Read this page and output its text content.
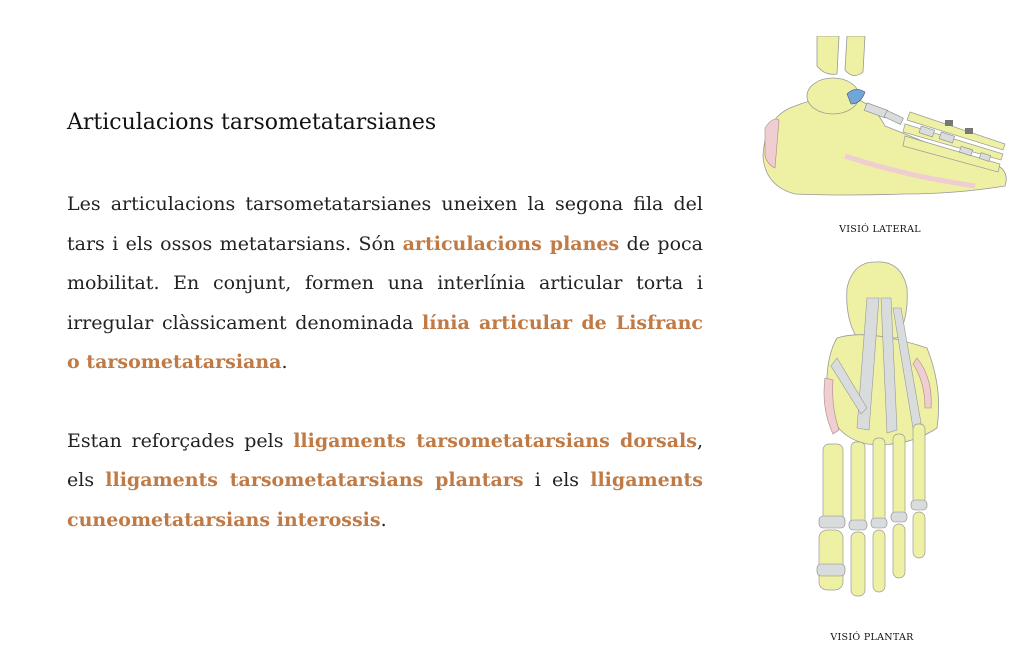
Articulacions tarsometatarsianes

Les articulacions tarsometatarsianes uneixen la segona fila del tars i els ossos metatarsians. Són articulacions planes de poca mobilitat. En conjunt, formen una interlínia articular torta i irregular clàssicament denominada línia articular de Lisfranc o tarsometatarsiana.

Estan reforçades pels lligaments tarsometatarsians dorsals, els lligaments tarsometatarsians plantars i els lligaments cuneometatarsians interossis.

VISIÓ LATERAL
VISIÓ PLANTAR
